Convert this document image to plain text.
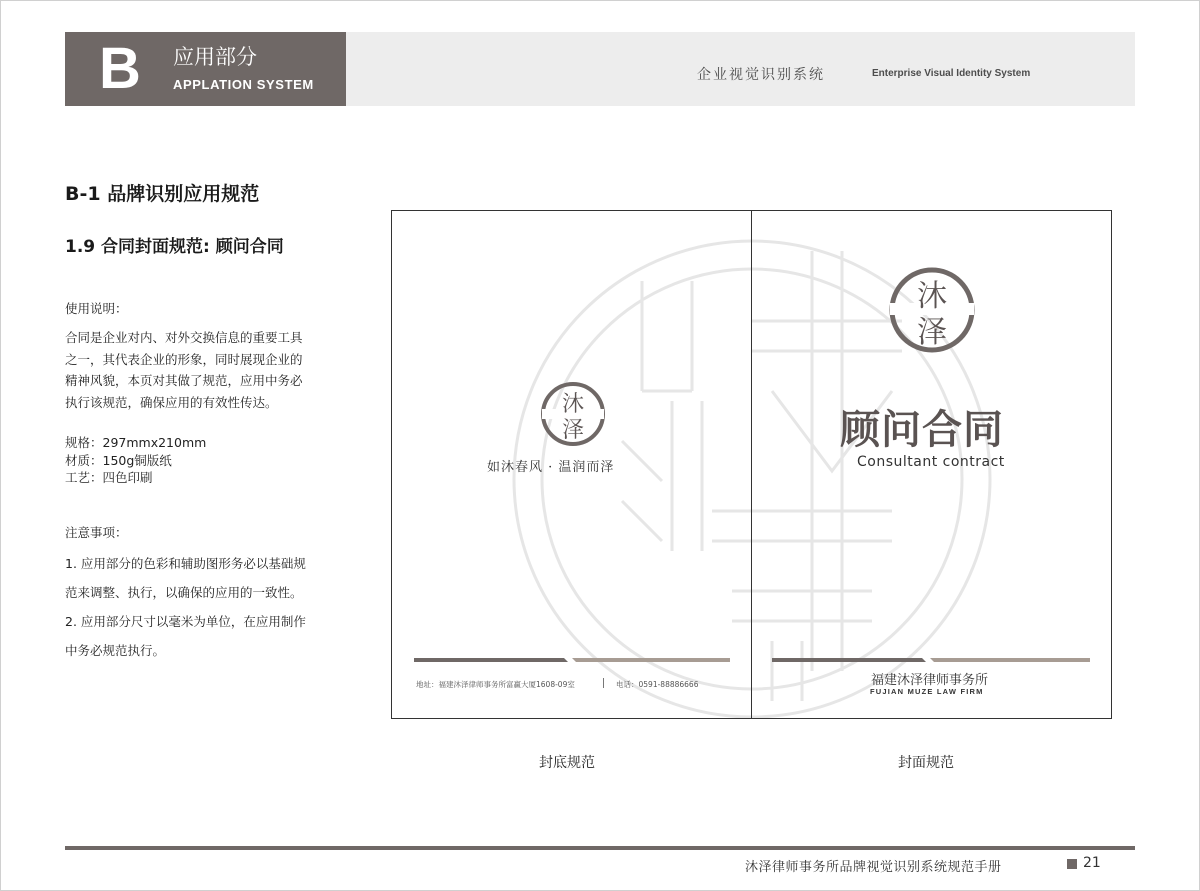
B 应用部分
APPLATION SYSTEM
企业视觉识别系统	Enterprise Visual Identity System
B-1 品牌识别应用规范
1.9 合同封面规范: 顾问合同
使用说明：
合同是企业对内、对外交换信息的重要工具
之一，其代表企业的形象，同时展现企业的
精神风貌，本页对其做了规范，应用中务必
执行该规范，确保应用的有效性传达。
规格：297mmx210mm
材质：150g铜版纸
工艺：四色印刷
注意事项：
1. 应用部分的色彩和辅助图形务必以基础规
范来调整、执行，以确保的应用的一致性。
2. 应用部分尺寸以毫米为单位，在应用制作
中务必规范执行。
沐
泽
沐
泽
如沐春风 · 温润而泽
地址：福建沐泽律师事务所富赢大厦1608-09室	电话：0591-88886666
顾问合同
Consultant contract
福建沐泽律师事务所
FUJIAN MUZE LAW FIRM
封底规范	封面规范
沐泽律师事务所品牌视觉识别系统规范手册	21
